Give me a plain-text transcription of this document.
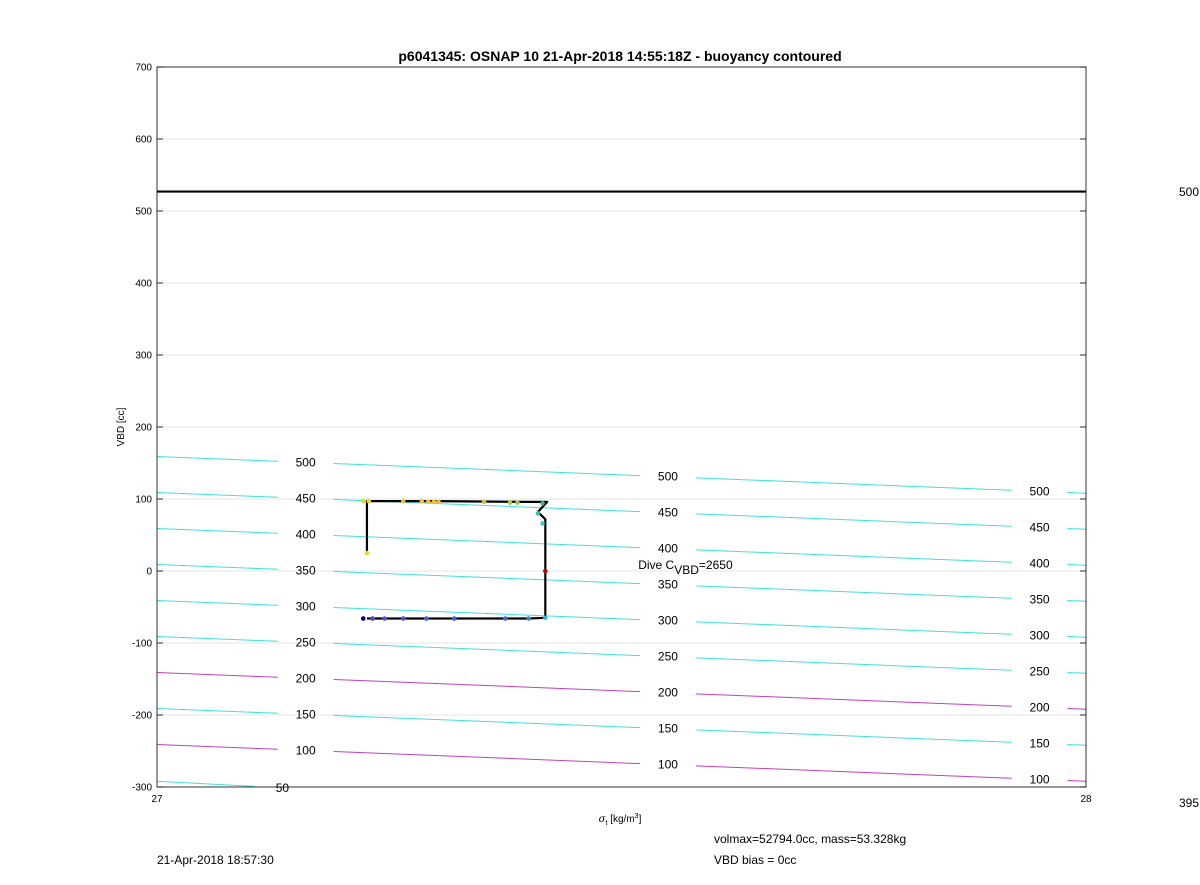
50
100
100
100
150
150
150
200
200
200
250
250
250
300
300
300
350
350
350
400
400
400
450
450
450
500
500
500
-300
-200
-100
0
100
200
300
400
500
600
700
27	28
p6041345: OSNAP 10 21-Apr-2018 14:55:18Z - buoyancy contoured
VBD [cc]
$\sigma_t$ $[kg/m^3]$
Dive CVBD=2650
500
395
21-Apr-2018 18:57:30
volmax=52794.0cc, mass=53.328kg
VBD bias = 0cc
